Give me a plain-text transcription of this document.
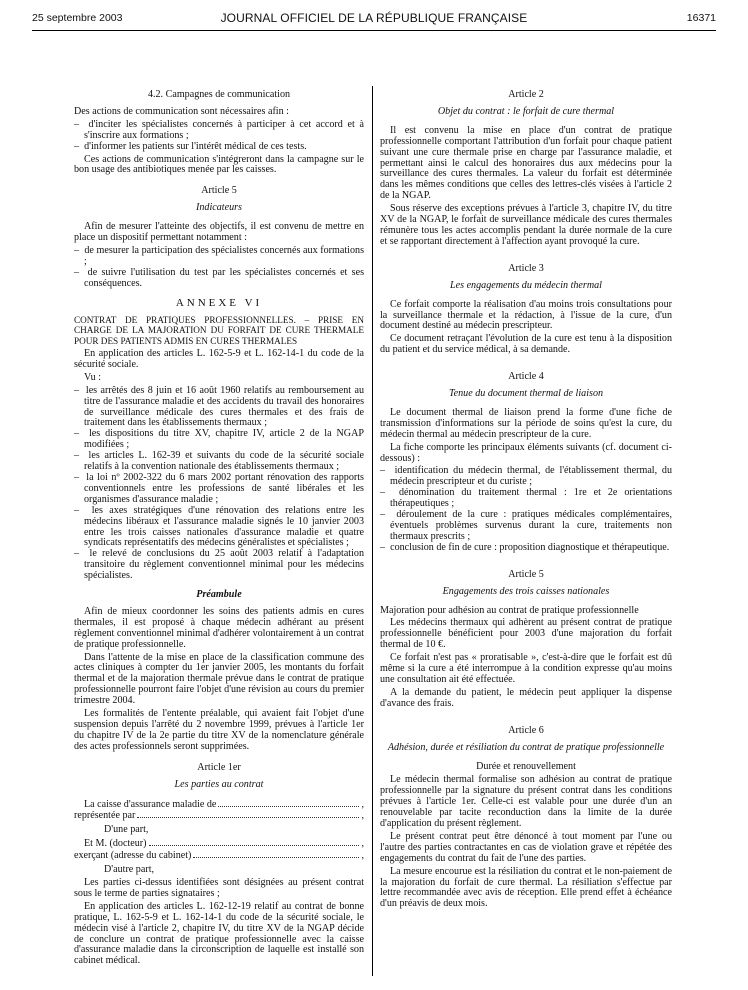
25 septembre 2003	JOURNAL OFFICIEL DE LA RÉPUBLIQUE FRANÇAISE	16371

4.2. Campagnes de communication

Des actions de communication sont nécessaires afin :

–  d'inciter les spécialistes concernés à participer à cet accord et à s'inscrire aux formations ;
–  d'informer les patients sur l'intérêt médical de ces tests.

Ces actions de communication s'intégreront dans la campagne sur le bon usage des antibiotiques menée par les caisses.

Article 5

Indicateurs

Afin de mesurer l'atteinte des objectifs, il est convenu de mettre en place un dispositif permettant notamment :

–  de mesurer la participation des spécialistes concernés aux formations ;
–  de suivre l'utilisation du test par les spécialistes concernés et ses conséquences.

ANNEXE VI

CONTRAT DE PRATIQUES PROFESSIONNELLES. – PRISE EN CHARGE DE LA MAJORATION DU FORFAIT DE CURE THERMALE POUR DES PATIENTS ADMIS EN CURES THERMALES

En application des articles L. 162-5-9 et L. 162-14-1 du code de la sécurité sociale.

Vu :

–  les arrêtés des 8 juin et 16 août 1960 relatifs au remboursement au titre de l'assurance maladie et des accidents du travail des honoraires de surveillance médicale des cures thermales et des frais de traitement dans les établissements thermaux ;
–  les dispositions du titre XV, chapitre IV, article 2 de la NGAP modifiées ;
–  les articles L. 162-39 et suivants du code de la sécurité sociale relatifs à la convention nationale des établissements thermaux ;
–  la loi nº 2002-322 du 6 mars 2002 portant rénovation des rapports conventionnels entre les professions de santé libérales et les organismes d'assurance maladie ;
–  les axes stratégiques d'une rénovation des relations entre les médecins libéraux et l'assurance maladie signés le 10 janvier 2003 entre les trois caisses nationales d'assurance maladie et quatre syndicats représentatifs des médecins généralistes et spécialistes ;
–  le relevé de conclusions du 25 août 2003 relatif à l'adaptation transitoire du règlement conventionnel minimal pour les médecins spécialistes.

Préambule

Afin de mieux coordonner les soins des patients admis en cures thermales, il est proposé à chaque médecin adhérant au présent règlement conventionnel minimal d'adhérer volontairement à un contrat de pratique professionnelle.

Dans l'attente de la mise en place de la classification commune des actes cliniques à compter du 1er janvier 2005, les montants du forfait thermal et de la majoration thermale prévue dans le contrat de pratique professionnelle pourront faire l'objet d'une révision au cours du premier trimestre 2004.

Les formalités de l'entente préalable, qui avaient fait l'objet d'une suspension depuis l'arrêté du 2 novembre 1999, prévues à l'article 1er du chapitre IV de la 2e partie du titre XV de la nomenclature générale des actes professionnels seront supprimées.

Article 1er

Les parties au contrat

La caisse d'assurance maladie de	,
représentée par	,

D'une part,

Et M. (docteur)	,
exerçant (adresse du cabinet)	,

D'autre part,

Les parties ci-dessus identifiées sont désignées au présent contrat sous le terme de parties signataires ;

En application des articles L. 162-12-19 relatif au contrat de bonne pratique, L. 162-5-9 et L. 162-14-1 du code de la sécurité sociale, le médecin visé à l'article 2, chapitre IV, du titre XV de la NGAP décide de conclure un contrat de pratique professionnelle avec la caisse d'assurance maladie dans la circonscription de laquelle est installé son cabinet médical.

Article 2

Objet du contrat : le forfait de cure thermal

Il est convenu la mise en place d'un contrat de pratique professionnelle comportant l'attribution d'un forfait pour chaque patient suivant une cure thermale prise en charge par l'assurance maladie, et permettant ainsi le calcul des honoraires dus aux médecins pour la surveillance des cures thermales. La valeur du forfait est déterminée dans les mêmes conditions que celles des lettres-clés visées à l'article 2 de la NGAP.

Sous réserve des exceptions prévues à l'article 3, chapitre IV, du titre XV de la NGAP, le forfait de surveillance médicale des cures thermales rémunère tous les actes accomplis pendant la durée normale de la cure et se rapportant directement à l'affection ayant provoqué la cure.

Article 3

Les engagements du médecin thermal

Ce forfait comporte la réalisation d'au moins trois consultations pour la surveillance thermale et la rédaction, à l'issue de la cure, d'un document destiné au médecin prescripteur.

Ce document retraçant l'évolution de la cure est tenu à la disposition du patient et du service médical, à sa demande.

Article 4

Tenue du document thermal de liaison

Le document thermal de liaison prend la forme d'une fiche de transmission d'informations sur la période de soins qu'est la cure, du médecin thermal au médecin prescripteur de la cure.

La fiche comporte les principaux éléments suivants (cf. document ci-dessous) :

–  identification du médecin thermal, de l'établissement thermal, du médecin prescripteur et du curiste ;
–  dénomination du traitement thermal : 1re et 2e orientations thérapeutiques ;
–  déroulement de la cure : pratiques médicales complémentaires, éventuels problèmes survenus durant la cure, traitements non thermaux prescrits ;
–  conclusion de fin de cure : proposition diagnostique et thérapeutique.

Article 5

Engagements des trois caisses nationales

Majoration pour adhésion au contrat de pratique professionnelle

Les médecins thermaux qui adhèrent au présent contrat de pratique professionnelle bénéficient pour 2003 d'une majoration du forfait thermal de 10 €.

Ce forfait n'est pas « proratisable », c'est-à-dire que le forfait est dû même si la cure a été interrompue à la condition expresse qu'au moins une consultation ait été effectuée.

A la demande du patient, le médecin peut appliquer la dispense d'avance des frais.

Article 6

Adhésion, durée et résiliation du contrat de pratique professionnelle

Durée et renouvellement

Le médecin thermal formalise son adhésion au contrat de pratique professionnelle par la signature du présent contrat dans les conditions prévues à l'article 1er. Celle-ci est valable pour une durée d'un an renouvelable par tacite reconduction dans la limite de la durée d'application du présent règlement.

Le présent contrat peut être dénoncé à tout moment par l'une ou l'autre des parties contractantes en cas de violation grave et répétée des engagements du contrat du fait de l'une des parties.

La mesure encourue est la résiliation du contrat et le non-paiement de la majoration du forfait de cure thermal. La résiliation s'effectue par lettre recommandée avec avis de réception. Elle prend effet à échéance d'un préavis de deux mois.
